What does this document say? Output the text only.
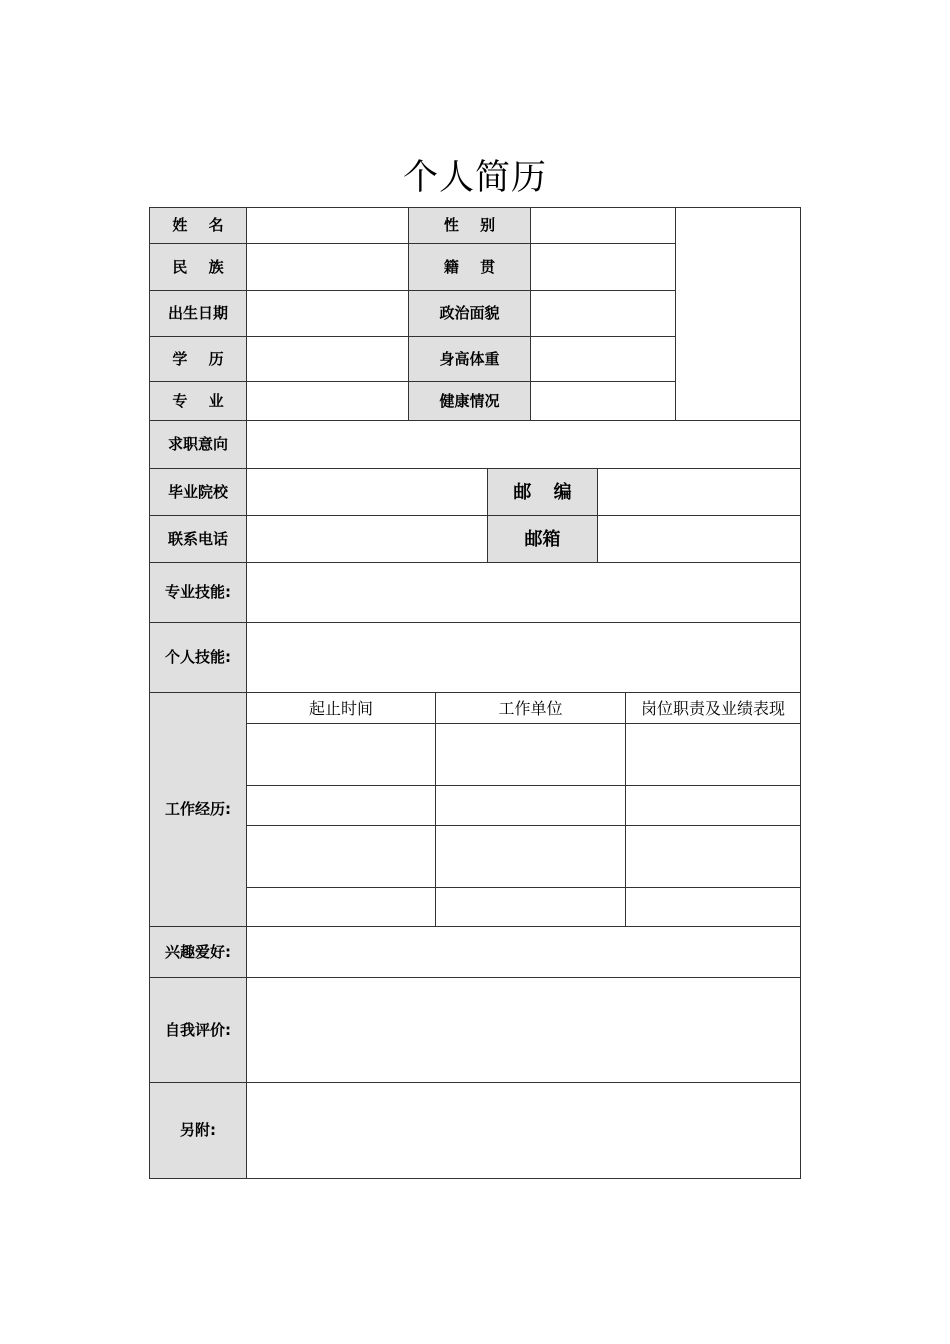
个人简历
姓 名	性 别
民 族	籍 贯
出生日期	政治面貌
学 历	身高体重
专 业	健康情况
求职意向
毕业院校	邮 编
联系电话	邮箱
专业技能:
个人技能:
工作经历:
起止时间	工作单位	岗位职责及业绩表现
兴趣爱好:
自我评价:
另附:
